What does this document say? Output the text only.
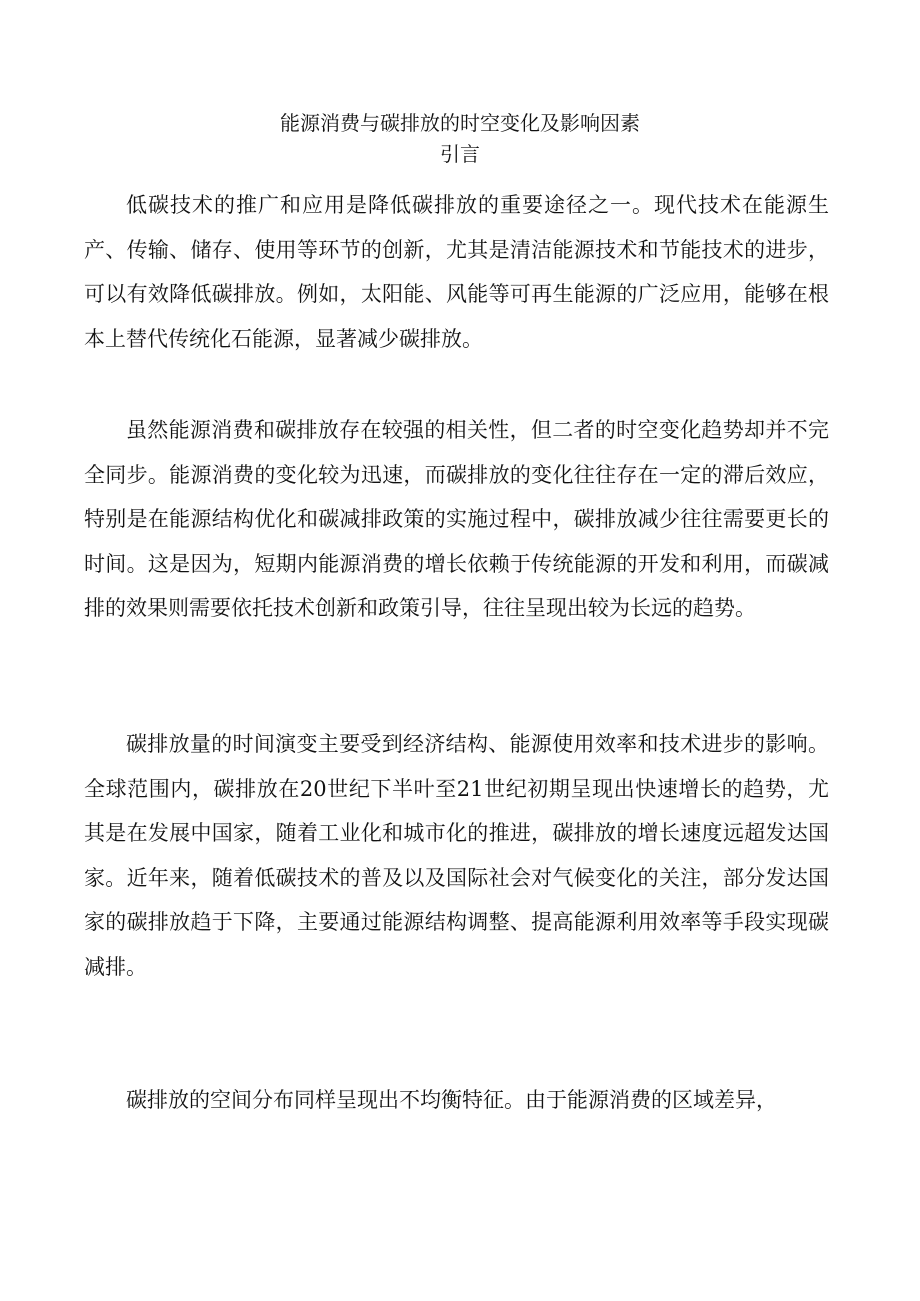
能源消费与碳排放的时空变化及影响因素
引言

低碳技术的推广和应用是降低碳排放的重要途径之一。现代技术在能源生产、传输、储存、使用等环节的创新，尤其是清洁能源技术和节能技术的进步，可以有效降低碳排放。例如，太阳能、风能等可再生能源的广泛应用，能够在根本上替代传统化石能源，显著减少碳排放。

虽然能源消费和碳排放存在较强的相关性，但二者的时空变化趋势却并不完全同步。能源消费的变化较为迅速，而碳排放的变化往往存在一定的滞后效应，特别是在能源结构优化和碳减排政策的实施过程中，碳排放减少往往需要更长的时间。这是因为，短期内能源消费的增长依赖于传统能源的开发和利用，而碳减排的效果则需要依托技术创新和政策引导，往往呈现出较为长远的趋势。

碳排放量的时间演变主要受到经济结构、能源使用效率和技术进步的影响。全球范围内，碳排放在20世纪下半叶至21世纪初期呈现出快速增长的趋势，尤其是在发展中国家，随着工业化和城市化的推进，碳排放的增长速度远超发达国家。近年来，随着低碳技术的普及以及国际社会对气候变化的关注，部分发达国家的碳排放趋于下降，主要通过能源结构调整、提高能源利用效率等手段实现碳减排。

碳排放的空间分布同样呈现出不均衡特征。由于能源消费的区域差异，
